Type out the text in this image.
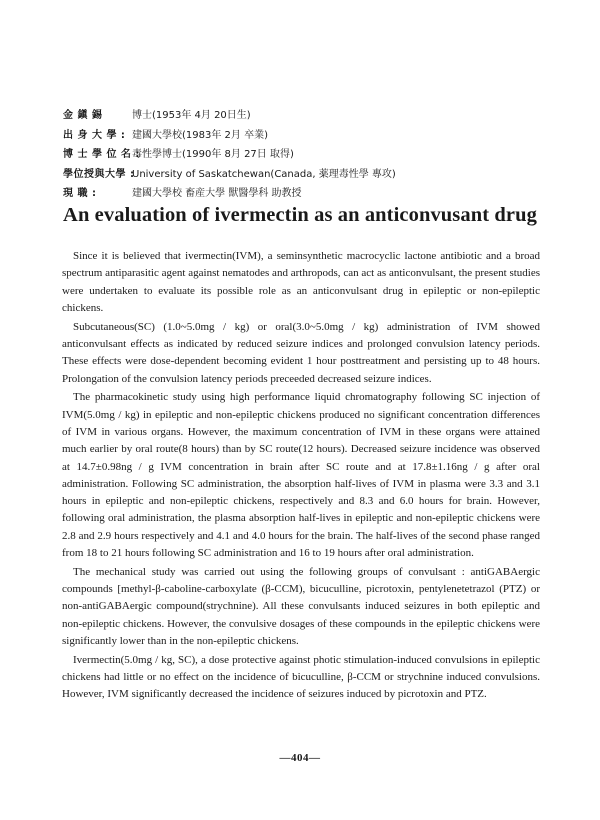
金 鎭 錫	博士(1953年 4月 20日生)
出 身 大 學 : 建國大學校(1983年 2月 卒業)
博 士 學 位 名 :
毒性學博士(1990年 8月 27日 取得)
學位授與大學 :
University of Saskatchewan(Canada, 薬理毒性學 專攻)
現 職 :	建國大學校 畜産大學 獸醫學科 助教授
An evaluation of ivermectin as an anticonvusant drug

Since it is believed that ivermectin(IVM), a seminsynthetic macrocyclic lactone antibiotic and a broad spectrum antiparasitic agent against nematodes and arthropods, can act as anticonvulsant, the present studies were undertaken to evaluate its possible role as an anticonvulsant drug in epileptic or non-epileptic chickens.

Subcutaneous(SC) (1.0~5.0mg / kg) or oral(3.0~5.0mg / kg) administration of IVM showed anticonvulsant effects as indicated by reduced seizure indices and prolonged convulsion latency periods. These effects were dose-dependent becoming evident 1 hour posttreatment and persisting up to 48 hours. Prolongation of the convulsion latency periods preceeded decreased seizure indices.

The pharmacokinetic study using high performance liquid chromatography following SC injection of IVM(5.0mg / kg) in epileptic and non-epileptic chickens produced no significant concentration differences of IVM in various organs. However, the maximum concentration of IVM in these organs were attained much earlier by oral route(8 hours) than by SC route(12 hours). Decreased seizure incidence was observed at 14.7±0.98ng / g IVM concentration in brain after SC route and at 17.8±1.16ng / g after oral administration. Following SC administration, the absorption half-lives of IVM in plasma were 3.3 and 3.1 hours in epileptic and non-epileptic chickens, respectively and 8.3 and 6.0 hours for brain. However, following oral administration, the plasma absorption half-lives in epileptic and non-epileptic chickens were 2.8 and 2.9 hours respectively and 4.1 and 4.0 hours for the brain. The half-lives of the second phase ranged from 18 to 21 hours following SC administration and 16 to 19 hours after oral administration.

The mechanical study was carried out using the following groups of convulsant : antiGABAergic compounds [methyl-β-caboline-carboxylate (β-CCM), bicuculline, picrotoxin, pentylenetetrazol (PTZ) or non-antiGABAergic compound(strychnine). All these convulsants induced seizures in both epileptic and non-epileptic chickens. However, the convulsive dosages of these compounds in the epileptic chickens were significantly lower than in the non-epileptic chickens.

Ivermectin(5.0mg / kg, SC), a dose protective against photic stimulation-induced convulsions in epileptic chickens had little or no effect on the incidence of bicuculline, β-CCM or strychnine induced convulsions. However, IVM significantly decreased the incidence of seizures induced by picrotoxin and PTZ.

—404—
